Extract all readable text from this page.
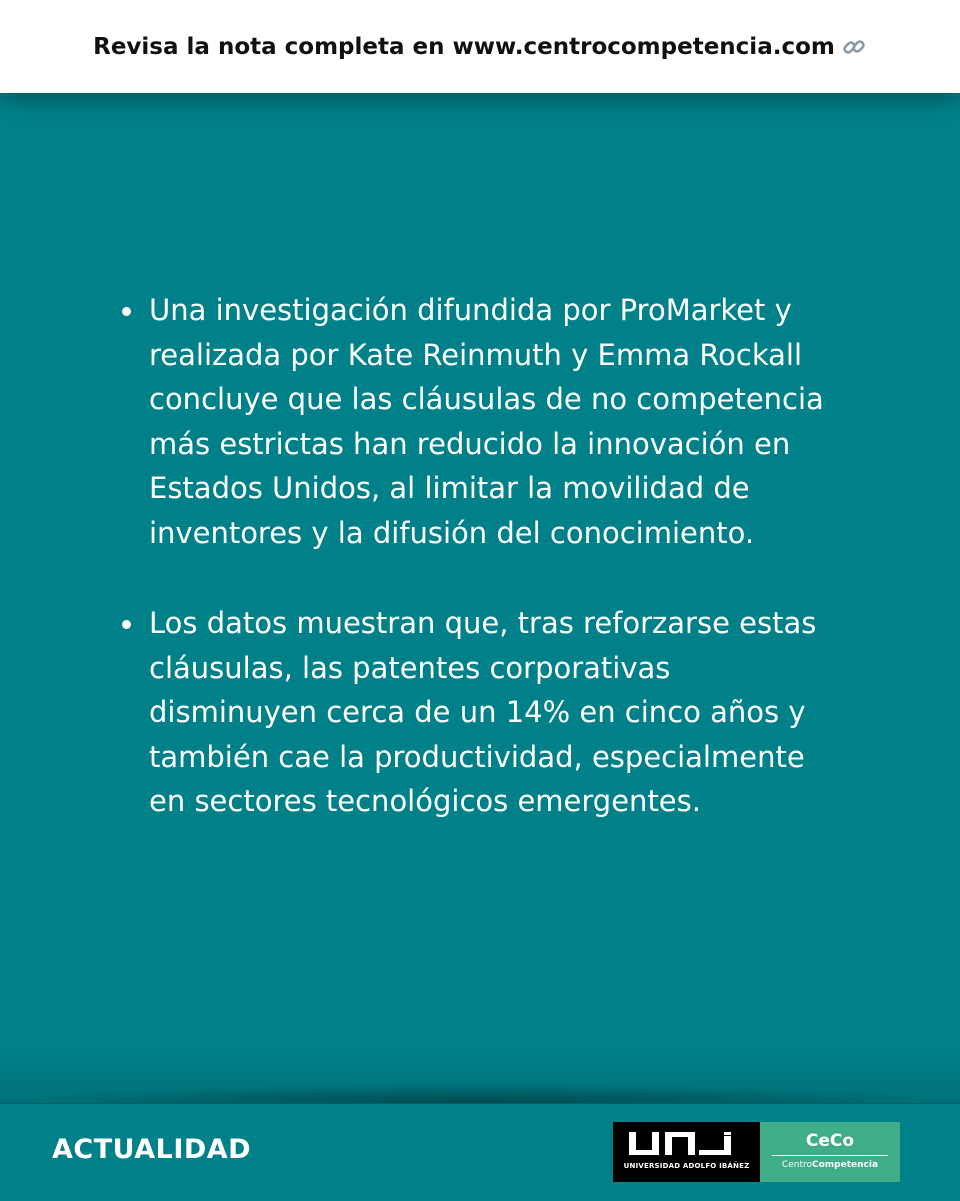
Revisa la nota completa en www.centrocompetencia.com
Una investigación difundida por ProMarket y realizada por Kate Reinmuth y Emma Rockall concluye que las cláusulas de no competencia más estrictas han reducido la innovación en Estados Unidos, al limitar la movilidad de inventores y la difusión del conocimiento.
Los datos muestran que, tras reforzarse estas cláusulas, las patentes corporativas disminuyen cerca de un 14% en cinco años y también cae la productividad, especialmente en sectores tecnológicos emergentes.
ACTUALIDAD
UNIVERSIDAD ADOLFO IBÁÑEZ
CeCo
CentroCompetencia
